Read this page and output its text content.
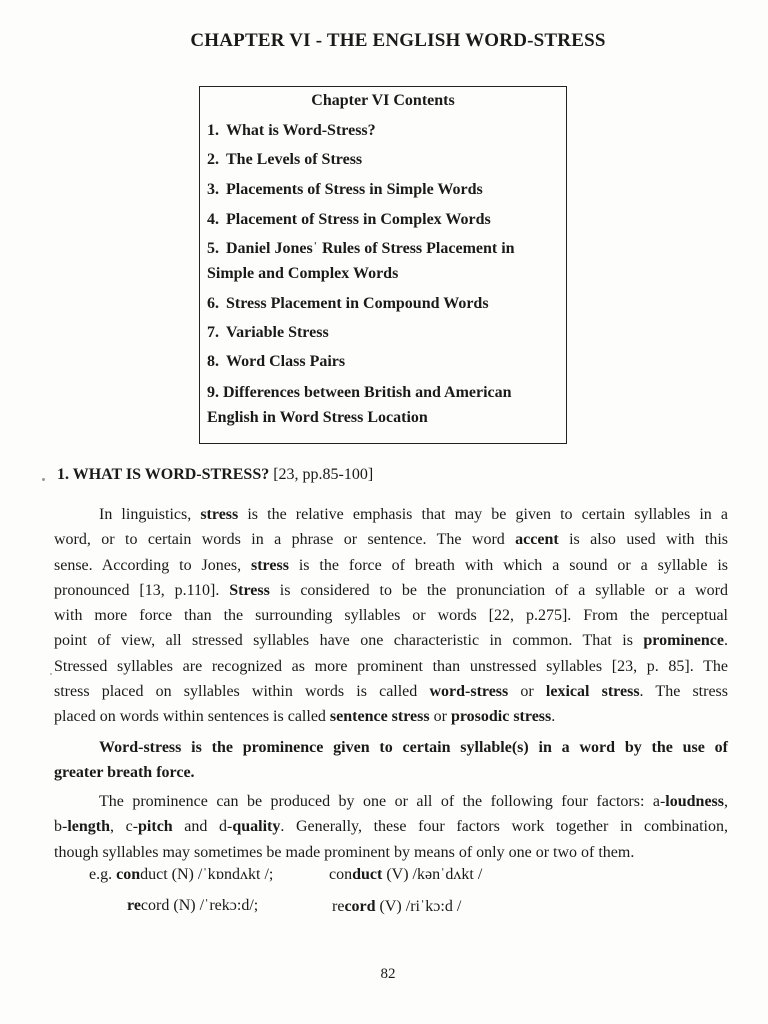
CHAPTER VI - THE ENGLISH WORD-STRESS
Chapter VI Contents
1. What is Word-Stress?
2. The Levels of Stress
3. Placements of Stress in Simple Words
4. Placement of Stress in Complex Words
5. Daniel Jonesˈ Rules of Stress Placement in
Simple and Complex Words
6. Stress Placement in Compound Words
7. Variable Stress
8. Word Class Pairs
9. Differences between British and American
English in Word Stress Location
1. WHAT IS WORD-STRESS? [23, pp.85-100]
In linguistics, stress is the relative emphasis that may be given to certain syllables in a
word, or to certain words in a phrase or sentence. The word accent is also used with this
sense. According to Jones, stress is the force of breath with which a sound or a syllable is
pronounced [13, p.110]. Stress is considered to be the pronunciation of a syllable or a word
with more force than the surrounding syllables or words [22, p.275]. From the perceptual
point of view, all stressed syllables have one characteristic in common. That is prominence.
Stressed syllables are recognized as more prominent than unstressed syllables [23, p. 85]. The
stress placed on syllables within words is called word-stress or lexical stress. The stress
placed on words within sentences is called sentence stress or prosodic stress.
Word-stress is the prominence given to certain syllable(s) in a word by the use of
greater breath force.
The prominence can be produced by one or all of the following four factors: a-loudness,
b-length, c-pitch and d-quality. Generally, these four factors work together in combination,
though syllables may sometimes be made prominent by means of only one or two of them.
e.g. conduct (N) /ˈkɒndʌkt /;	conduct (V) /kənˈdʌkt /
record (N) /ˈrekɔ:d/;	record (V) /riˈkɔ:d /
82
